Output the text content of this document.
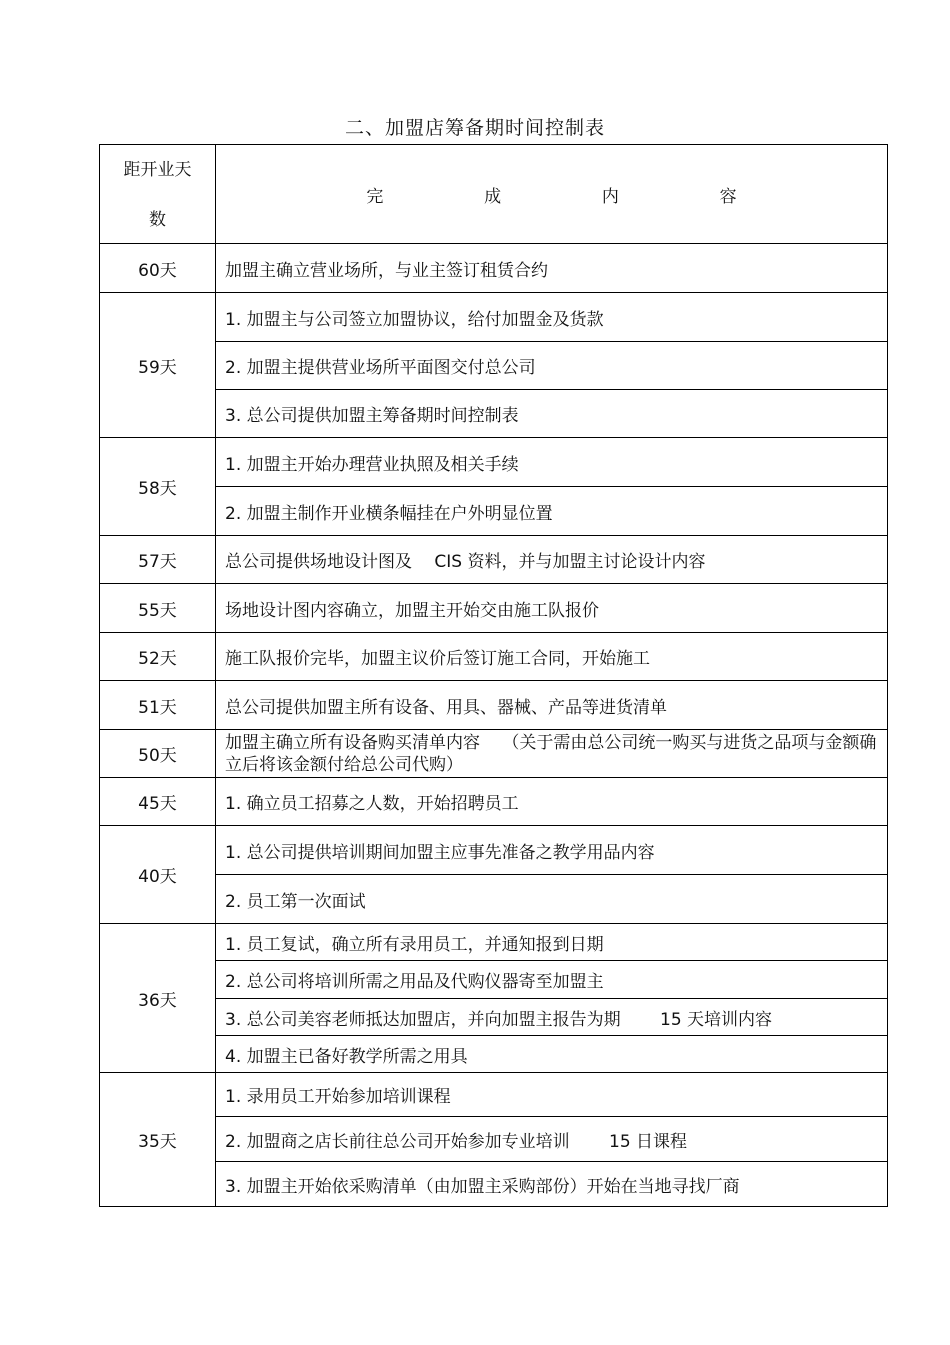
二、加盟店筹备期时间控制表
距开业天
数	完 成 内 容

60天	加盟主确立营业场所，与业主签订租赁合约
59天	1. 加盟主与公司签立加盟协议，给付加盟金及货款
	2. 加盟主提供营业场所平面图交付总公司
	3. 总公司提供加盟主筹备期时间控制表
58天	1. 加盟主开始办理营业执照及相关手续
	2. 加盟主制作开业横条幅挂在户外明显位置
57天	总公司提供场地设计图及　 CIS 资料，并与加盟主讨论设计内容
55天	场地设计图内容确立，加盟主开始交由施工队报价
52天	施工队报价完毕，加盟主议价后签订施工合同，开始施工
51天	总公司提供加盟主所有设备、用具、器械、产品等进货清单
50天	加盟主确立所有设备购买清单内容　 （关于需由总公司统一购买与进货之品项与金额确立后将该金额付给总公司代购）
45天	1. 确立员工招募之人数，开始招聘员工
40天	1. 总公司提供培训期间加盟主应事先准备之教学用品内容
	2. 员工第一次面试
36天	1. 员工复试，确立所有录用员工，并通知报到日期
	2. 总公司将培训所需之用品及代购仪器寄至加盟主
	3. 总公司美容老师抵达加盟店，并向加盟主报告为期　　 15 天培训内容
	4. 加盟主已备好教学所需之用具
35天	1. 录用员工开始参加培训课程
	2. 加盟商之店长前往总公司开始参加专业培训　　 15 日课程
	3. 加盟主开始依采购清单（由加盟主采购部份）开始在当地寻找厂商
